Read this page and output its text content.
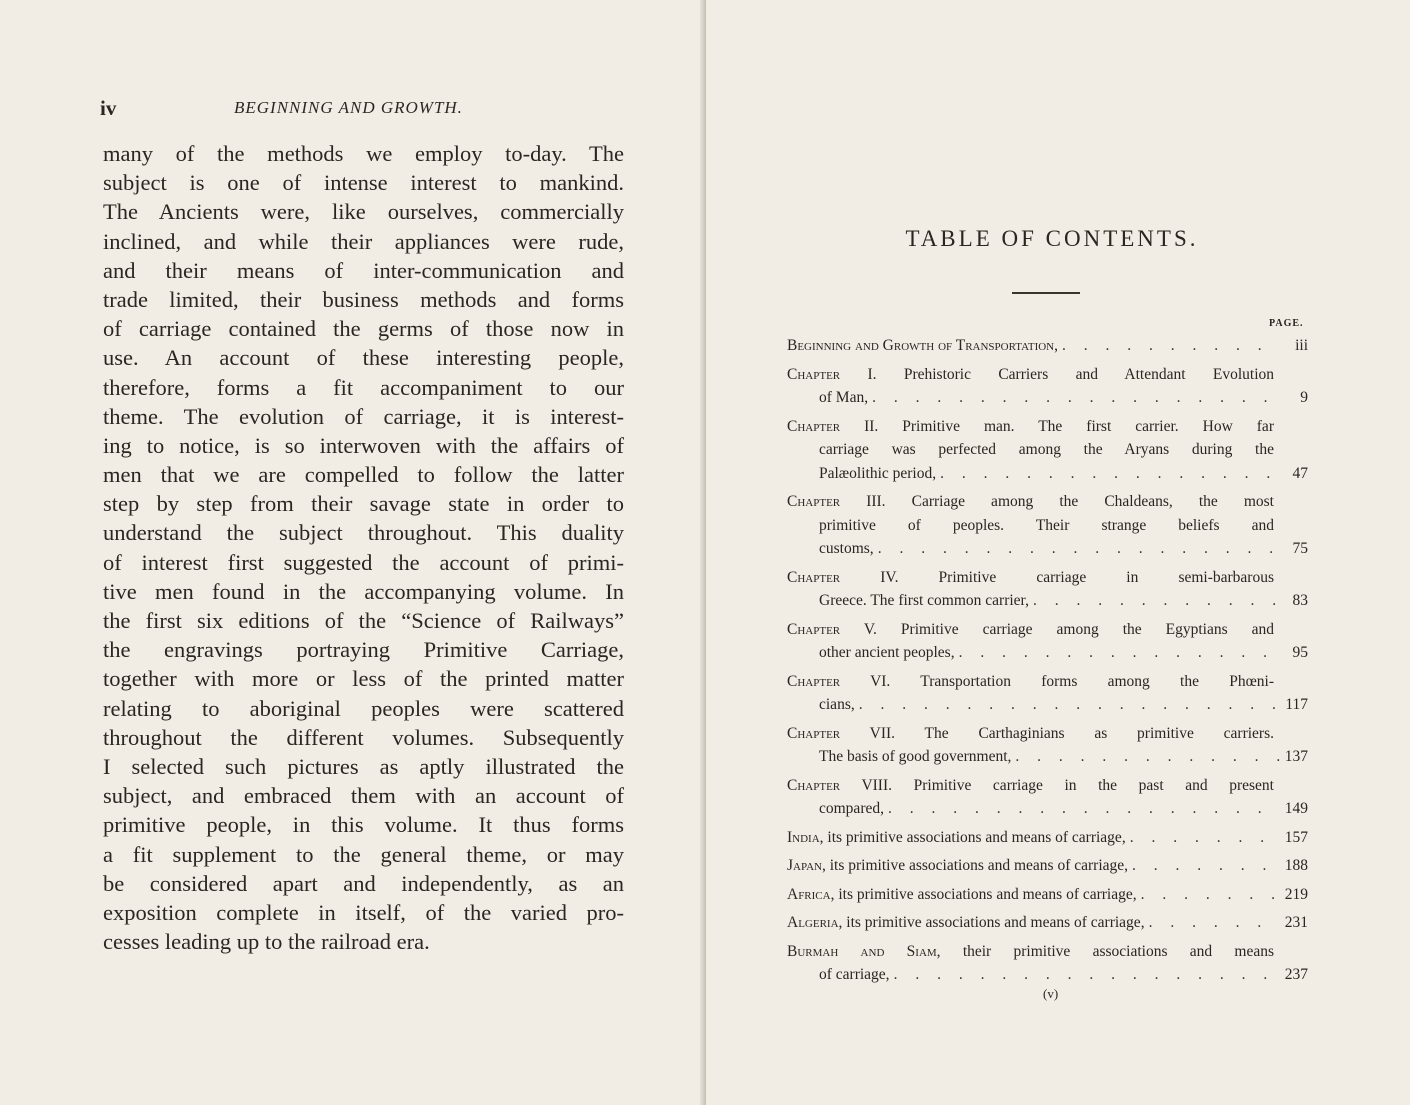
iv	BEGINNING AND GROWTH.
many of the methods we employ to-day. The
subject is one of intense interest to mankind.
The Ancients were, like ourselves, commercially
inclined, and while their appliances were rude,
and their means of inter-communication and
trade limited, their business methods and forms
of carriage contained the germs of those now in
use. An account of these interesting people,
therefore, forms a fit accompaniment to our
theme. The evolution of carriage, it is interest-
ing to notice, is so interwoven with the affairs of
men that we are compelled to follow the latter
step by step from their savage state in order to
understand the subject throughout. This duality
of interest first suggested the account of primi-
tive men found in the accompanying volume. In
the first six editions of the “Science of Railways”
the engravings portraying Primitive Carriage,
together with more or less of the printed matter
relating to aboriginal peoples were scattered
throughout the different volumes. Subsequently
I selected such pictures as aptly illustrated the
subject, and embraced them with an account of
primitive people, in this volume. It thus forms
a fit supplement to the general theme, or may
be considered apart and independently, as an
exposition complete in itself, of the varied pro-
cesses leading up to the railroad era.
TABLE OF CONTENTS.
PAGE.
Beginning and Growth of Transportation, . . .	iii
Chapter I. Prehistoric Carriers and Attendant Evolution
of Man, . . .	9
Chapter II. Primitive man. The first carrier. How far
carriage was perfected among the Aryans during the
Palæolithic period, . . .	47
Chapter III. Carriage among the Chaldeans, the most
primitive of peoples. Their strange beliefs and
customs, . . .	75
Chapter IV. Primitive carriage in semi-barbarous
Greece. The first common carrier, . . .	83
Chapter V. Primitive carriage among the Egyptians and
other ancient peoples, . . .	95
Chapter VI. Transportation forms among the Phœni-
cians, . . .	117
Chapter VII. The Carthaginians as primitive carriers.
The basis of good government, . . .	137
Chapter VIII. Primitive carriage in the past and present
compared, . . .	149
India, its primitive associations and means of carriage, . . .	157
Japan, its primitive associations and means of carriage, . . .	188
Africa, its primitive associations and means of carriage, . . .	219
Algeria, its primitive associations and means of carriage, . . .	231
Burmah and Siam, their primitive associations and means
of carriage, . . .	237
(v)
